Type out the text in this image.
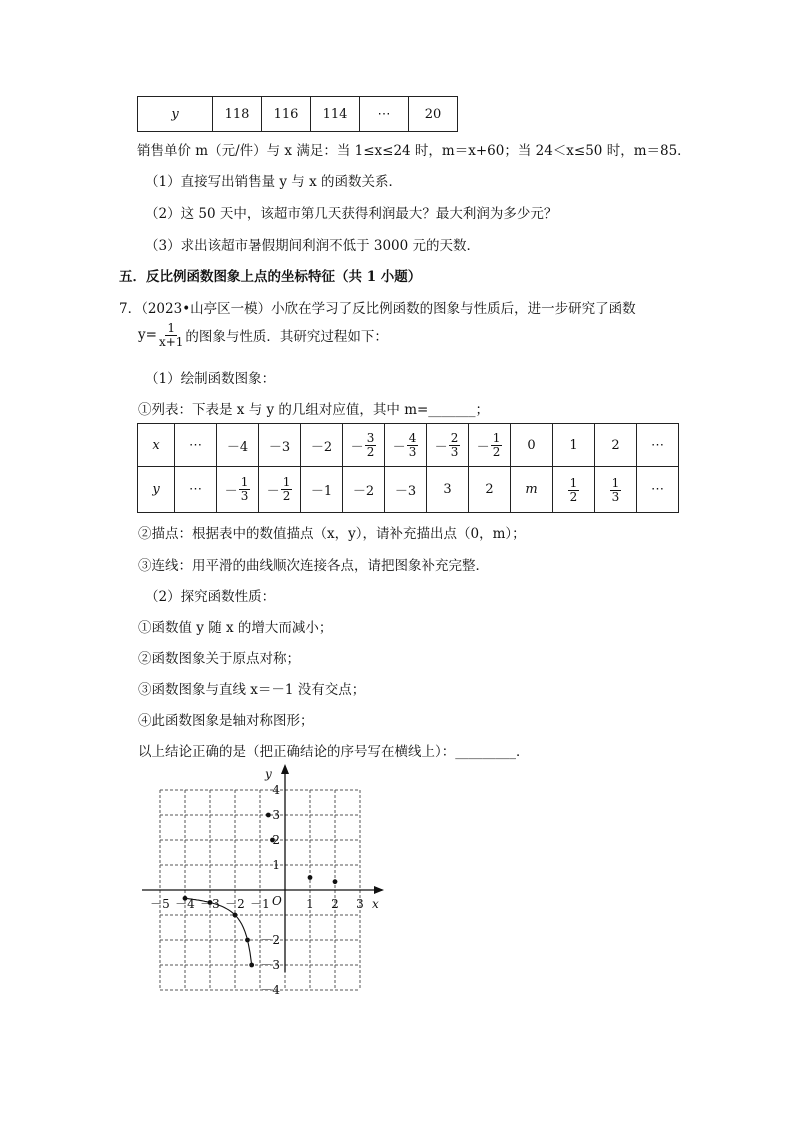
y	118	116	114	⋯	20
销售单价 m（元/件）与 x 满足：当 1≤x≤24 时，m＝x+60；当 24＜x≤50 时，m＝85．
（1）直接写出销售量 y 与 x 的函数关系．
（2）这 50 天中，该超市第几天获得利润最大？最大利润为多少元？
（3）求出该超市暑假期间利润不低于 3000 元的天数．
五．反比例函数图象上点的坐标特征（共 1 小题）
7．（2023•山亭区一模）小欣在学习了反比例函数的图象与性质后，进一步研究了函数
$y= \frac{1}{x+1}$ 的图象与性质．其研究过程如下：
（1）绘制函数图象：
①列表：下表是 x 与 y 的几组对应值，其中 m=_______；
x	⋯	－4	－3	－2	－ $\frac{3}{2}$	－ $\frac{4}{3}$	－ $\frac{2}{3}$	－ $\frac{1}{2}$	0	1	2	⋯
y	⋯	－ $\frac{1}{3}$	－ $\frac{1}{2}$	－1	－2	－3	3	2	m	$\frac{1}{2}$	$\frac{1}{3}$	⋯
②描点：根据表中的数值描点（x，y），请补充描出点（0，m）；
③连线：用平滑的曲线顺次连接各点，请把图象补充完整．
（2）探究函数性质：
①函数值 y 随 x 的增大而减小；
②函数图象关于原点对称；
③函数图象与直线 x＝－1 没有交点；
④此函数图象是轴对称图形；
以上结论正确的是（把正确结论的序号写在横线上）：_________．
－5 －4 －3 －2 －1	1 2 3
4
3
2
1
－2
－3
－4
O	x
y
